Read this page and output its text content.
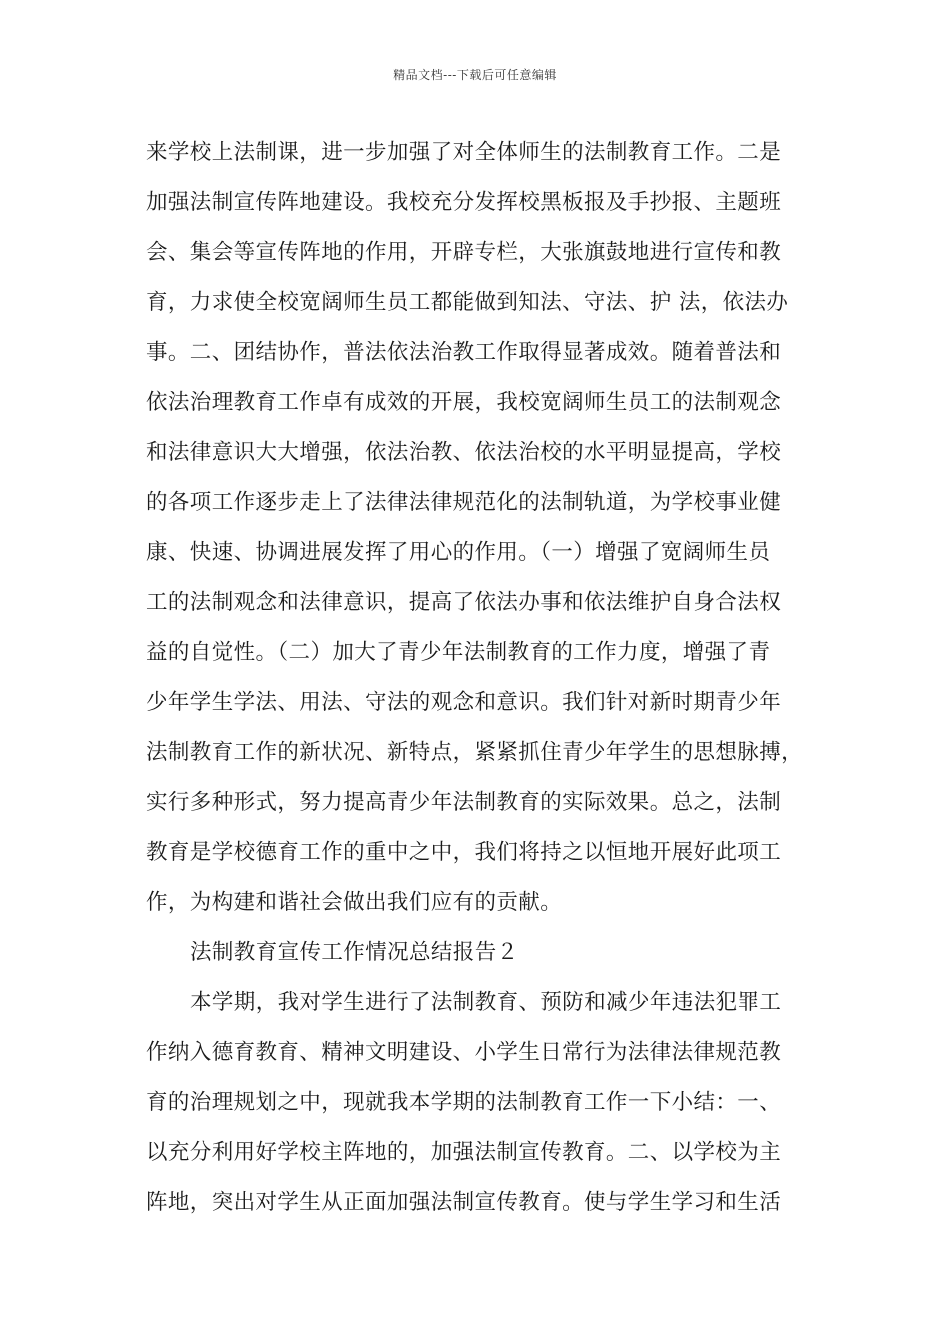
精品文档---下载后可任意编辑
来学校上法制课，进一步加强了对全体师生的法制教育工作。二是
加强法制宣传阵地建设。我校充分发挥校黑板报及手抄报、主题班
会、集会等宣传阵地的作用，开辟专栏，大张旗鼓地进行宣传和教
育，力求使全校宽阔师生员工都能做到知法、守法、护 法，依法办
事。二、团结协作，普法依法治教工作取得显著成效。随着普法和
依法治理教育工作卓有成效的开展，我校宽阔师生员工的法制观念
和法律意识大大增强，依法治教、依法治校的水平明显提高，学校
的各项工作逐步走上了法律法律规范化的法制轨道，为学校事业健
康、快速、协调进展发挥了用心的作用。（一）增强了宽阔师生员
工的法制观念和法律意识，提高了依法办事和依法维护自身合法权
益的自觉性。（二）加大了青少年法制教育的工作力度，增强了青
少年学生学法、用法、守法的观念和意识。我们针对新时期青少年
法制教育工作的新状况、新特点，紧紧抓住青少年学生的思想脉搏，
实行多种形式，努力提高青少年法制教育的实际效果。总之，法制
教育是学校德育工作的重中之中，我们将持之以恒地开展好此项工
作，为构建和谐社会做出我们应有的贡献。
法制教育宣传工作情况总结报告２
本学期，我对学生进行了法制教育、预防和减少年违法犯罪工
作纳入德育教育、精神文明建设、小学生日常行为法律法律规范教
育的治理规划之中，现就我本学期的法制教育工作一下小结：一、
以充分利用好学校主阵地的，加强法制宣传教育。二、以学校为主
阵地，突出对学生从正面加强法制宣传教育。使与学生学习和生活
